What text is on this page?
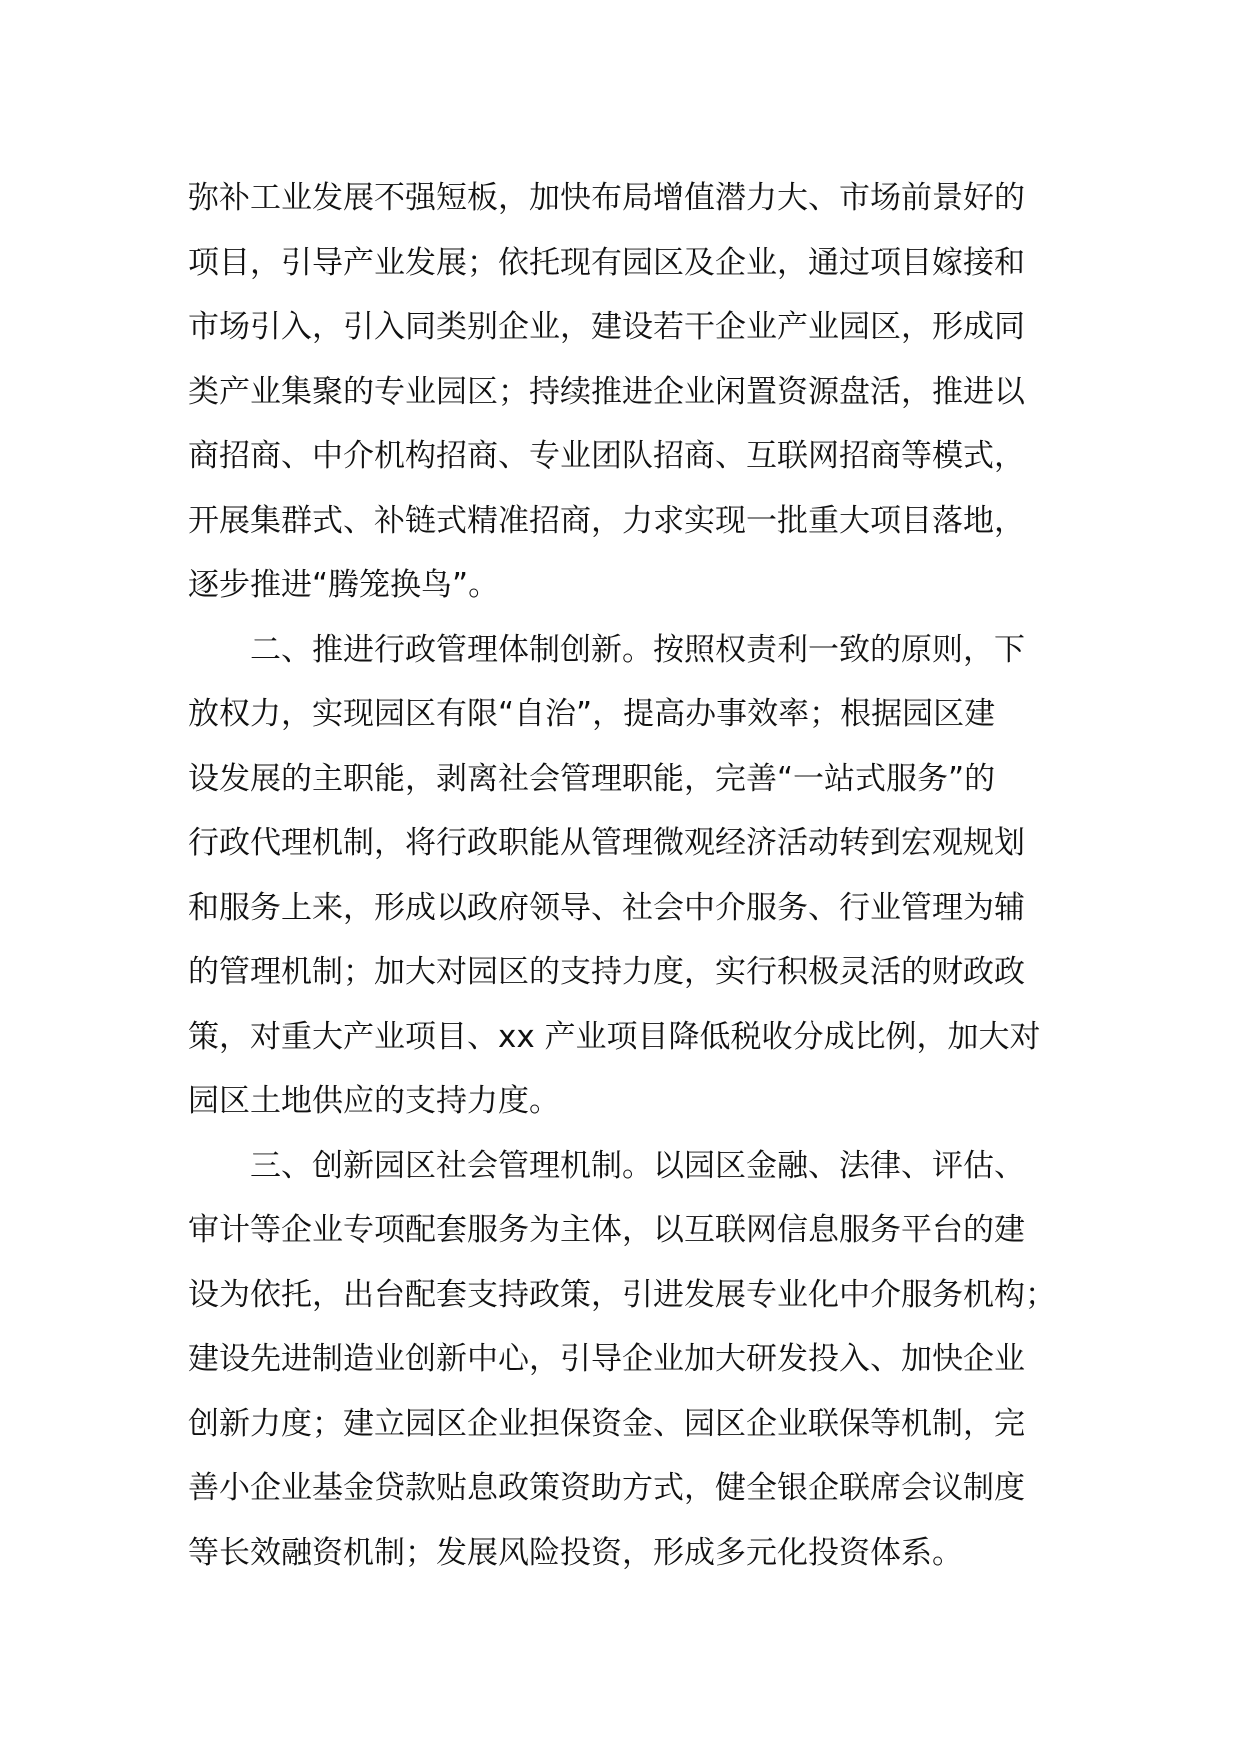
弥补工业发展不强短板，加快布局增值潜力大、市场前景好的
项目，引导产业发展；依托现有园区及企业，通过项目嫁接和
市场引入，引入同类别企业，建设若干企业产业园区，形成同
类产业集聚的专业园区；持续推进企业闲置资源盘活，推进以
商招商、中介机构招商、专业团队招商、互联网招商等模式，
开展集群式、补链式精准招商，力求实现一批重大项目落地，
逐步推进“腾笼换鸟”。
二、推进行政管理体制创新。按照权责利一致的原则，下
放权力，实现园区有限“自治”，提高办事效率；根据园区建
设发展的主职能，剥离社会管理职能，完善“一站式服务”的
行政代理机制，将行政职能从管理微观经济活动转到宏观规划
和服务上来，形成以政府领导、社会中介服务、行业管理为辅
的管理机制；加大对园区的支持力度，实行积极灵活的财政政
策，对重大产业项目、xx 产业项目降低税收分成比例，加大对
园区土地供应的支持力度。
三、创新园区社会管理机制。以园区金融、法律、评估、
审计等企业专项配套服务为主体，以互联网信息服务平台的建
设为依托，出台配套支持政策，引进发展专业化中介服务机构；
建设先进制造业创新中心，引导企业加大研发投入、加快企业
创新力度；建立园区企业担保资金、园区企业联保等机制，完
善小企业基金贷款贴息政策资助方式，健全银企联席会议制度
等长效融资机制；发展风险投资，形成多元化投资体系。
